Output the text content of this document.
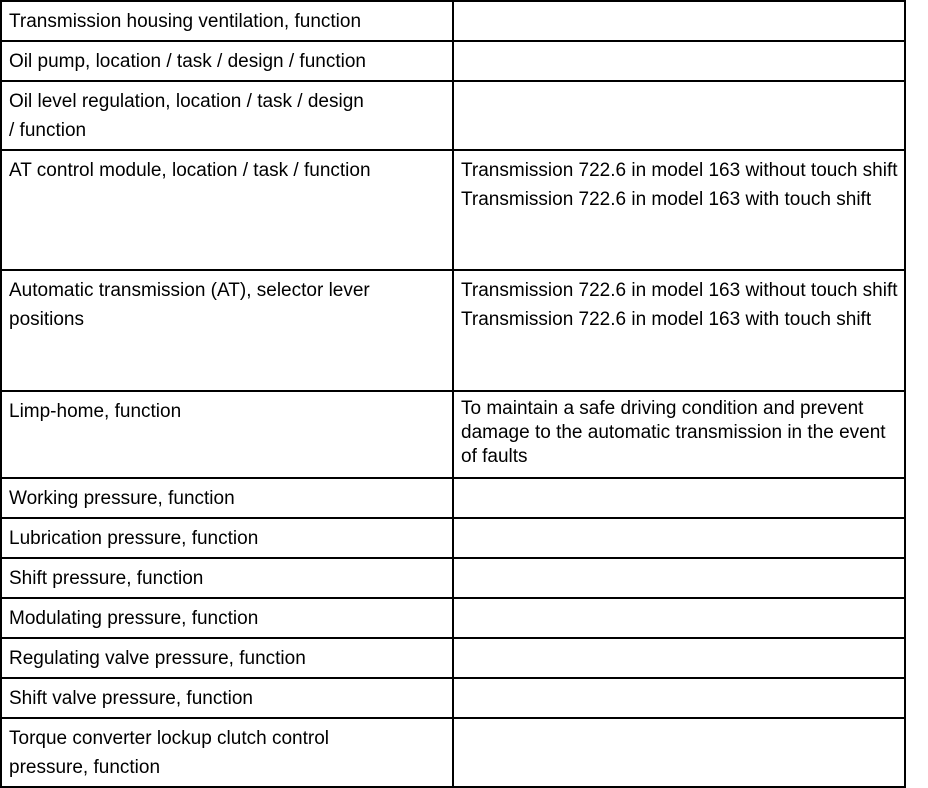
Transmission housing ventilation, function	
Oil pump, location / task / design / function	

Oil level regulation, location / task / design / function	

AT control module, location / task / function	Transmission 722.6 in model 163 without touch shift
Transmission 722.6 in model 163 with touch shift

Automatic transmission (AT), selector lever positions	Transmission 722.6 in model 163 without touch shift
Transmission 722.6 in model 163 with touch shift

Limp-home, function	To maintain a safe driving condition and prevent damage to the automatic transmission in the event of faults

Working pressure, function	
Lubrication pressure, function	
Shift pressure, function	
Modulating pressure, function	
Regulating valve pressure, function	
Shift valve pressure, function	

Torque converter lockup clutch control pressure, function	
